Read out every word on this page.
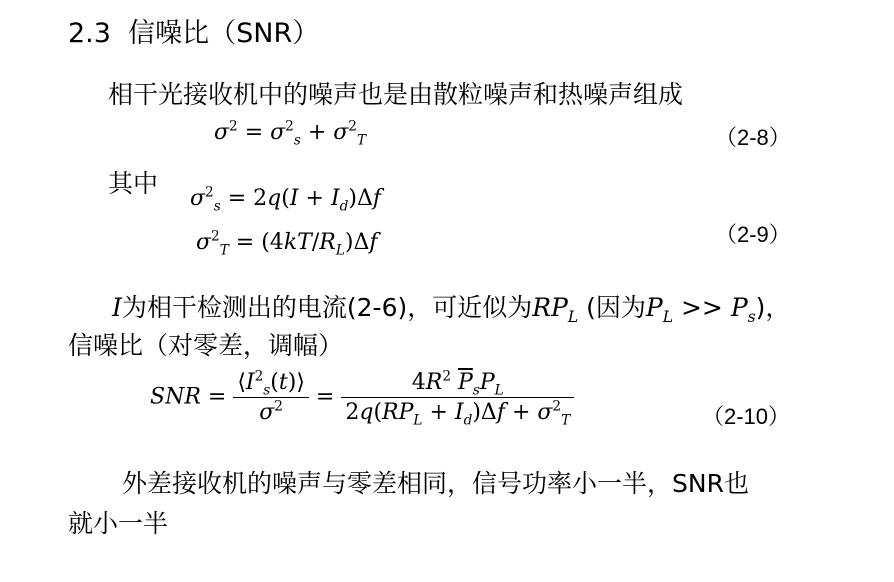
2.3 信噪比（SNR）
相干光接收机中的噪声也是由散粒噪声和热噪声组成
$\sigma^2 = \sigma^2_s + \sigma^2_T$	（2-8）
其中
$\sigma^2_s = 2q(I + I_d)\Delta f$
$\sigma^2_T = (4kT/R_L)\Delta f$	（2-9）
I为相干检测出的电流(2-6)，可近似为$RP_L$ (因为$P_L >> P_s$)，
信噪比（对零差，调幅）
SNR = $\frac{⟨I^2_s(t)⟩}{\sigma^2} = \frac{4R^2 \overline{P}_sP_L}{2q(RP_L + I_d)\Delta f + \sigma^2_T}$	（2-10）
外差接收机的噪声与零差相同，信号功率小一半，SNR也
就小一半
